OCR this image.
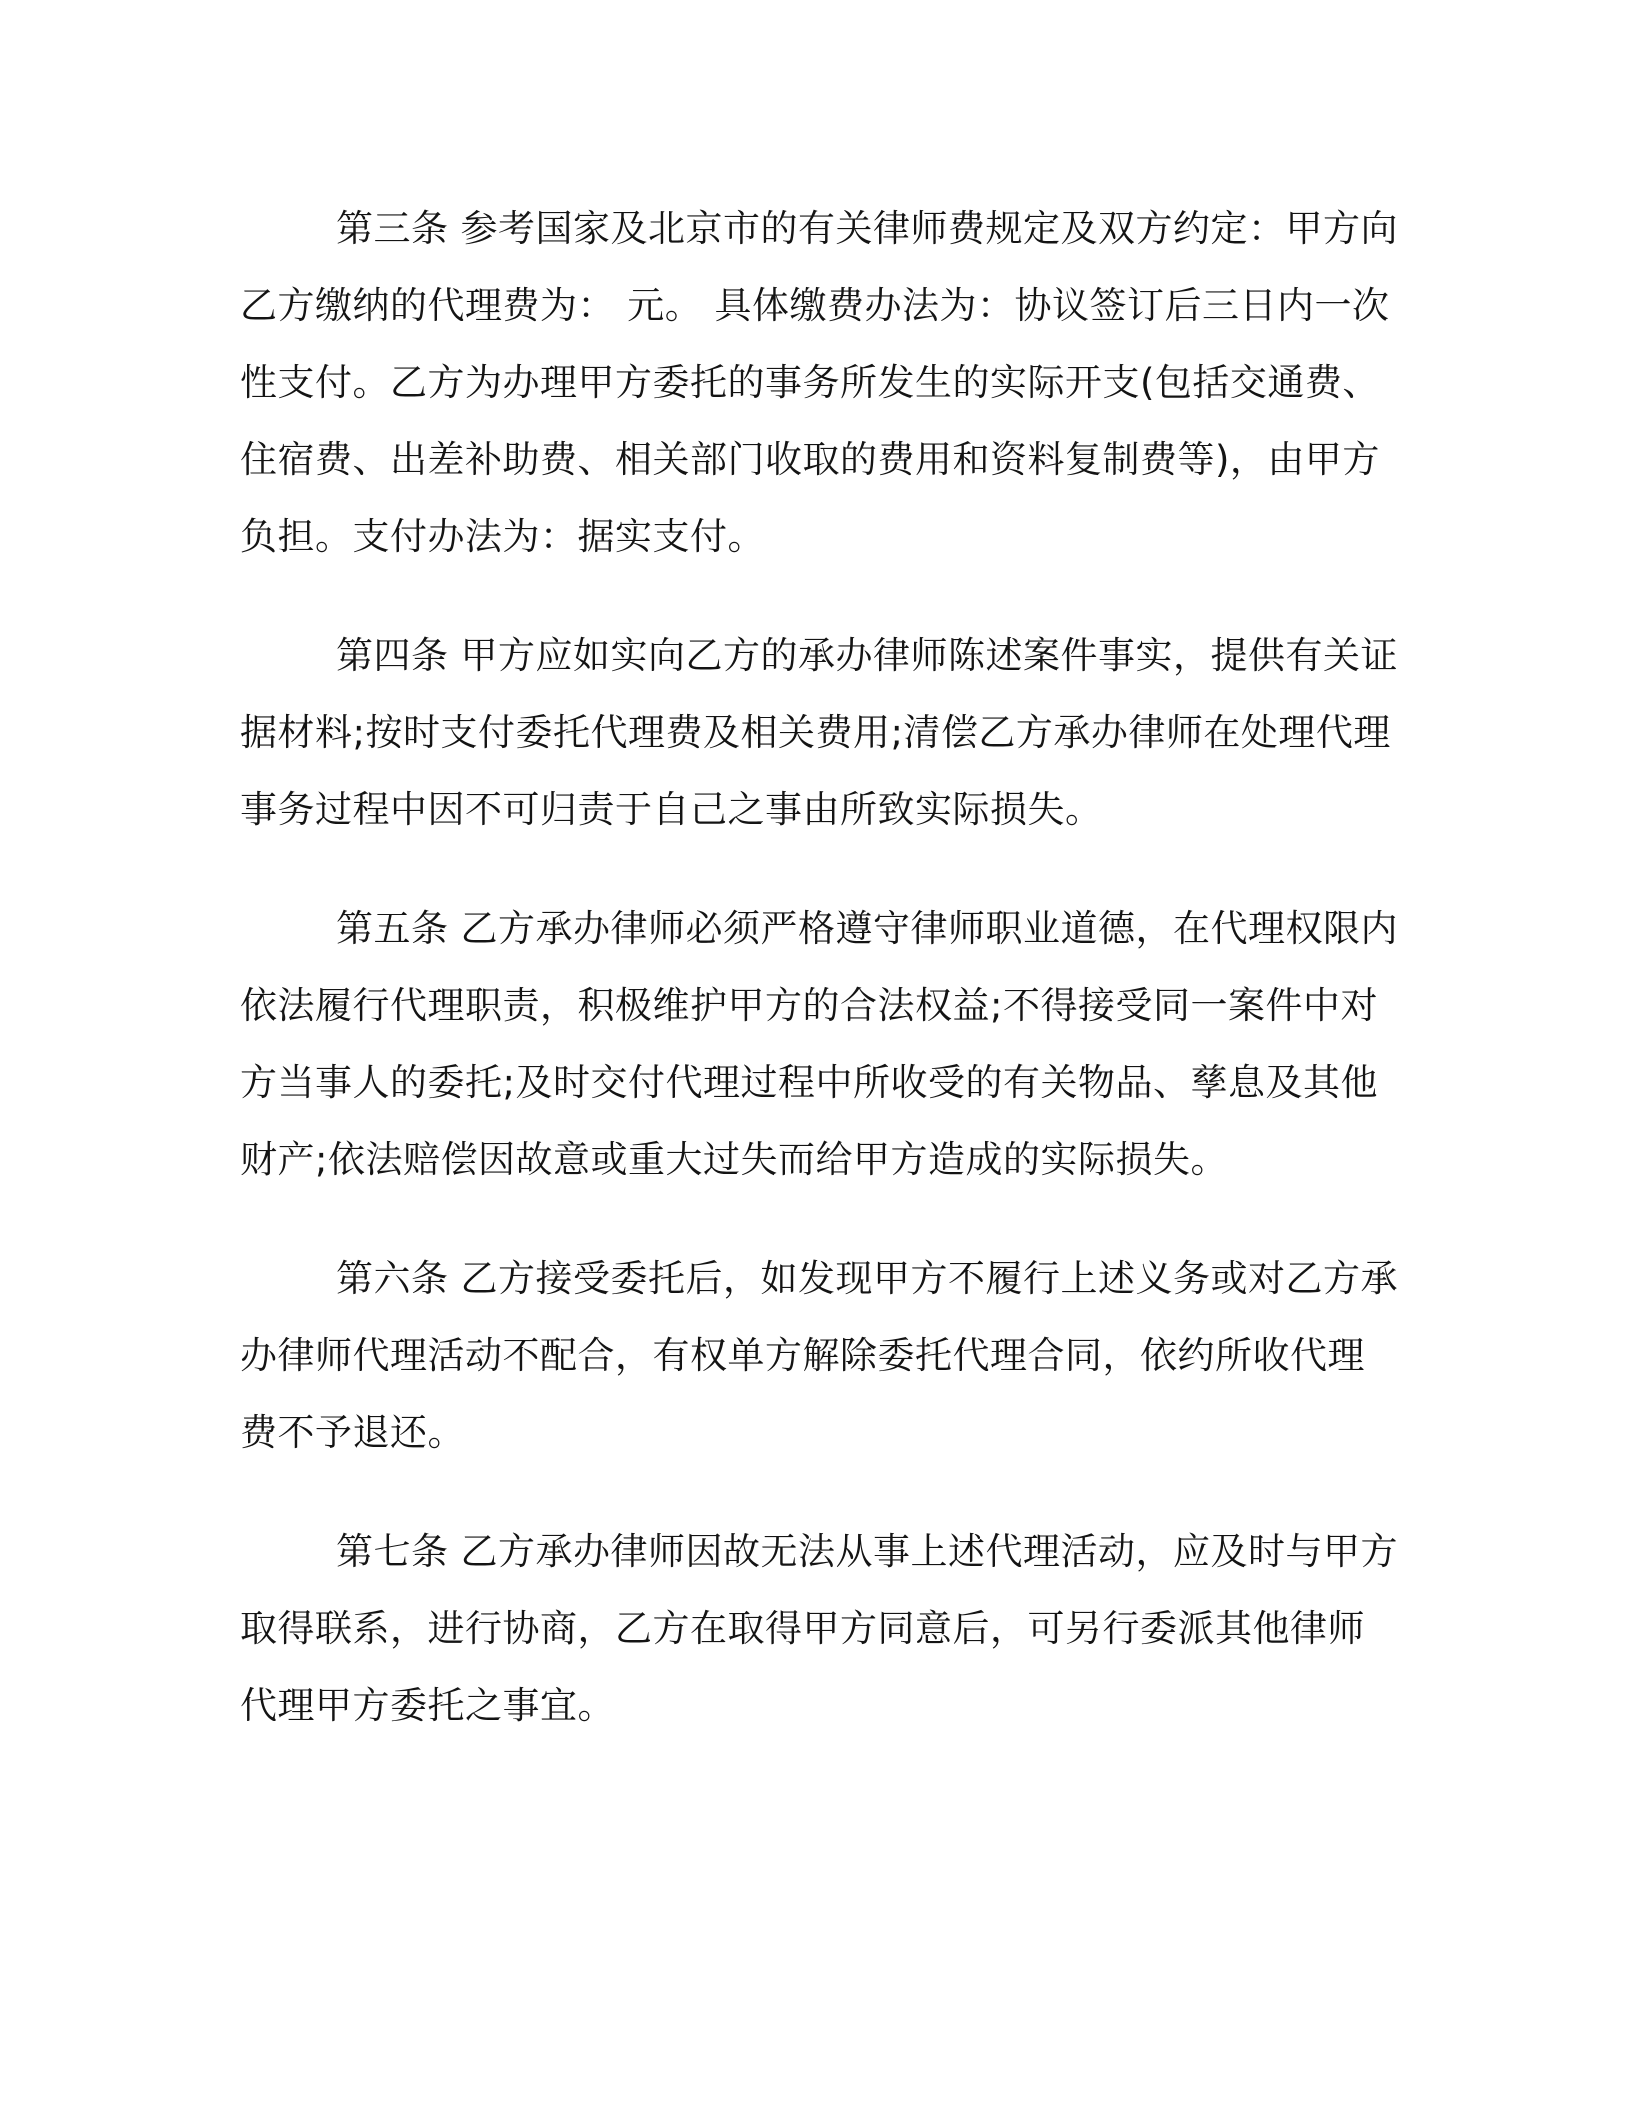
第三条 参考国家及北京市的有关律师费规定及双方约定：甲方向乙方缴纳的代理费为： 元。 具体缴费办法为：协议签订后三日内一次性支付。乙方为办理甲方委托的事务所发生的实际开支(包括交通费、住宿费、出差补助费、相关部门收取的费用和资料复制费等)，由甲方负担。支付办法为：据实支付。

第四条 甲方应如实向乙方的承办律师陈述案件事实，提供有关证据材料;按时支付委托代理费及相关费用;清偿乙方承办律师在处理代理事务过程中因不可归责于自己之事由所致实际损失。

第五条 乙方承办律师必须严格遵守律师职业道德，在代理权限内依法履行代理职责，积极维护甲方的合法权益;不得接受同一案件中对方当事人的委托;及时交付代理过程中所收受的有关物品、孳息及其他财产;依法赔偿因故意或重大过失而给甲方造成的实际损失。

第六条 乙方接受委托后，如发现甲方不履行上述义务或对乙方承办律师代理活动不配合，有权单方解除委托代理合同，依约所收代理费不予退还。

第七条 乙方承办律师因故无法从事上述代理活动，应及时与甲方取得联系，进行协商，乙方在取得甲方同意后，可另行委派其他律师代理甲方委托之事宜。
